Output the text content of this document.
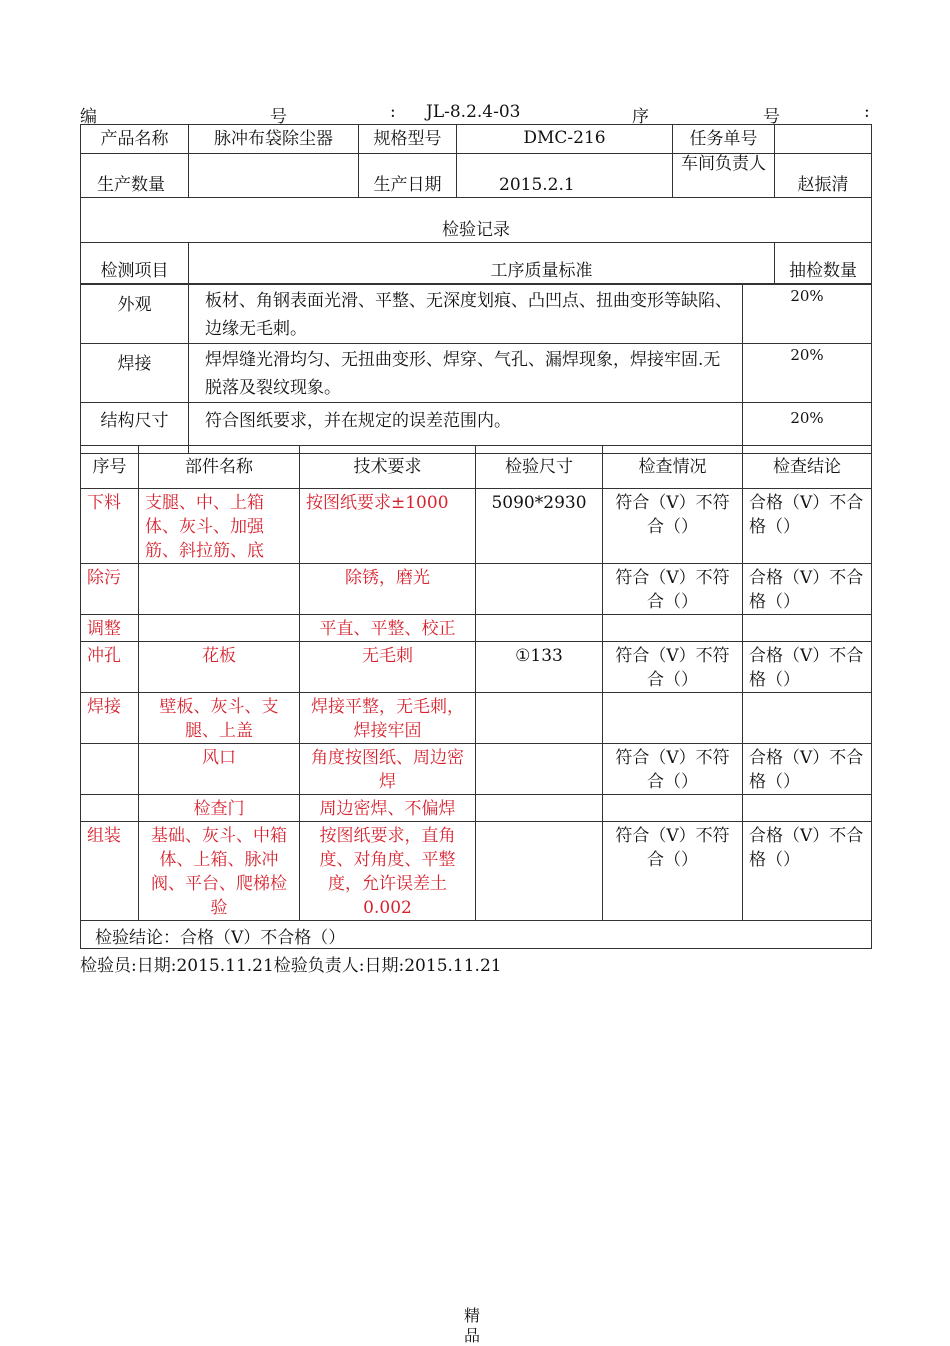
编	号	: JL-8.2.4-03	序	号	:
产品名称	脉冲布袋除尘器	规格型号	DMC-216	任务单号	
生产数量		生产日期	2015.2.1	车间负责人	赵振清
检验记录					
检测项目	工序质量标准				抽检数量
外观	板材、角钢表面光滑、平整、无深度划痕、凸凹点、扭曲变形等缺陷、边缘无毛刺。	20%
焊接	焊焊缝光滑均匀、无扭曲变形、焊穿、气孔、漏焊现象，焊接牢固.无脱落及裂纹现象。	20%
结构尺寸	符合图纸要求，并在规定的误差范围内。	20%
序号	部件名称	技术要求	检验尺寸	检查情况	检查结论
下料	支腿、中、上箱体、灰斗、加强筋、斜拉筋、底	按图纸要求±1000	5090*2930	符合（V）不符合（）	合格（V）不合格（）
除污		除锈，磨光		符合（V）不符合（）	合格（V）不合格（）
调整		平直、平整、校正			
冲孔	花板	无毛刺	①133	符合（V）不符合（）	合格（V）不合格（）
焊接	壁板、灰斗、支腿、上盖	焊接平整，无毛刺，焊接牢固			
	风口	角度按图纸、周边密焊		符合（V）不符合（）	合格（V）不合格（）
	检查门	周边密焊、不偏焊			
组装	基础、灰斗、中箱体、上箱、脉冲阀、平台、爬梯检验	按图纸要求，直角度、对角度、平整度，允许误差土0.002		符合（V）不符合（）	合格（V）不合格（）
检验结论：合格（V）不合格（）
检验员:日期:2015.11.21检验负责人:日期:2015.11.21
精品
